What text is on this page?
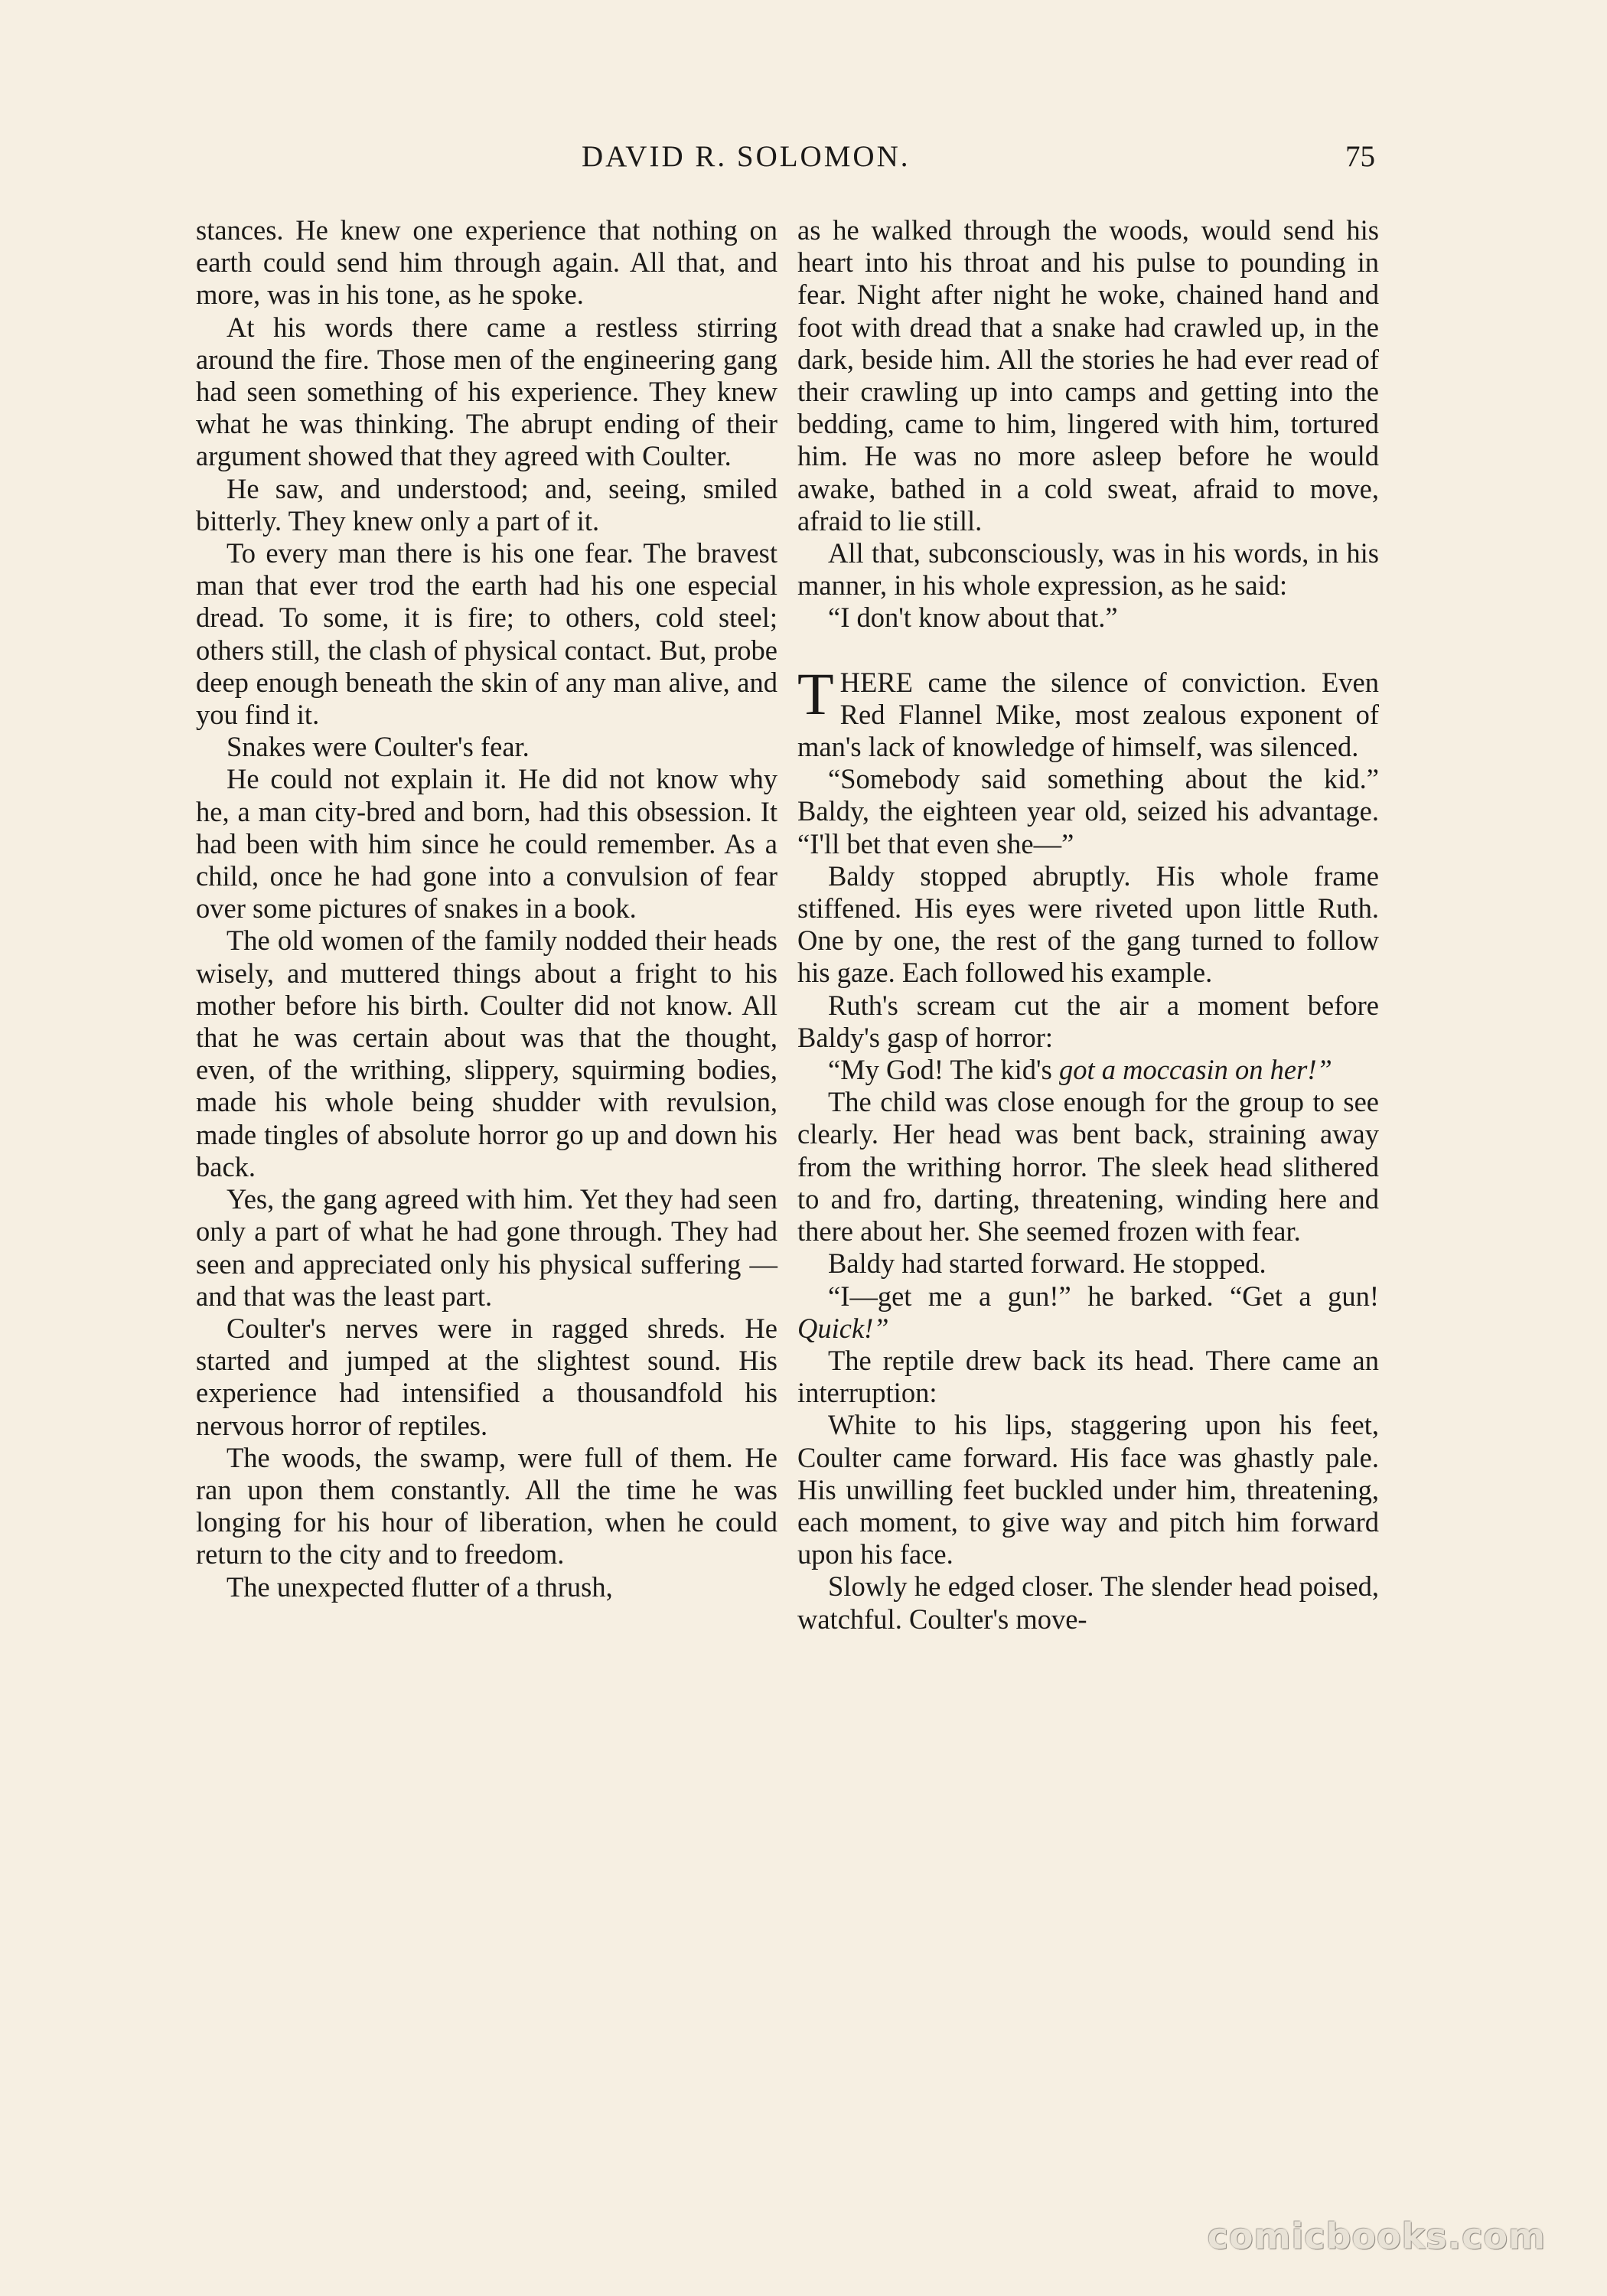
DAVID R. SOLOMON.	75

stances. He knew one experience that nothing on earth could send him through again. All that, and more, was in his tone, as he spoke.

At his words there came a restless stirring around the fire. Those men of the engineering gang had seen something of his experience. They knew what he was thinking. The abrupt ending of their argument showed that they agreed with Coulter.

He saw, and understood; and, seeing, smiled bitterly. They knew only a part of it.

To every man there is his one fear. The bravest man that ever trod the earth had his one especial dread. To some, it is fire; to others, cold steel; others still, the clash of physical contact. But, probe deep enough beneath the skin of any man alive, and you find it.

Snakes were Coulter's fear.

He could not explain it. He did not know why he, a man city-bred and born, had this obsession. It had been with him since he could remember. As a child, once he had gone into a convulsion of fear over some pictures of snakes in a book.

The old women of the family nodded their heads wisely, and muttered things about a fright to his mother before his birth. Coulter did not know. All that he was certain about was that the thought, even, of the writhing, slippery, squirming bodies, made his whole being shudder with revulsion, made tingles of absolute horror go up and down his back.

Yes, the gang agreed with him. Yet they had seen only a part of what he had gone through. They had seen and appreciated only his physical suffering —and that was the least part.

Coulter's nerves were in ragged shreds. He started and jumped at the slightest sound. His experience had intensified a thousandfold his nervous horror of reptiles.

The woods, the swamp, were full of them. He ran upon them constantly. All the time he was longing for his hour of liberation, when he could return to the city and to freedom.

The unexpected flutter of a thrush,

as he walked through the woods, would send his heart into his throat and his pulse to pounding in fear. Night after night he woke, chained hand and foot with dread that a snake had crawled up, in the dark, beside him. All the stories he had ever read of their crawling up into camps and getting into the bedding, came to him, lingered with him, tortured him. He was no more asleep before he would awake, bathed in a cold sweat, afraid to move, afraid to lie still.

All that, subconsciously, was in his words, in his manner, in his whole expression, as he said:

“I don't know about that.”

THERE came the silence of conviction. Even Red Flannel Mike, most zealous exponent of man's lack of knowledge of himself, was silenced.

“Somebody said something about the kid.” Baldy, the eighteen year old, seized his advantage. “I'll bet that even she—”

Baldy stopped abruptly. His whole frame stiffened. His eyes were riveted upon little Ruth. One by one, the rest of the gang turned to follow his gaze. Each followed his example.

Ruth's scream cut the air a moment before Baldy's gasp of horror:

“My God! The kid's got a moccasin on her!”

The child was close enough for the group to see clearly. Her head was bent back, straining away from the writhing horror. The sleek head slithered to and fro, darting, threatening, winding here and there about her. She seemed frozen with fear.

Baldy had started forward. He stopped.

“I—get me a gun!” he barked. “Get a gun! Quick!”

The reptile drew back its head. There came an interruption:

White to his lips, staggering upon his feet, Coulter came forward. His face was ghastly pale. His unwilling feet buckled under him, threatening, each moment, to give way and pitch him forward upon his face.

Slowly he edged closer. The slender head poised, watchful. Coulter's move-

comicbooks.com
